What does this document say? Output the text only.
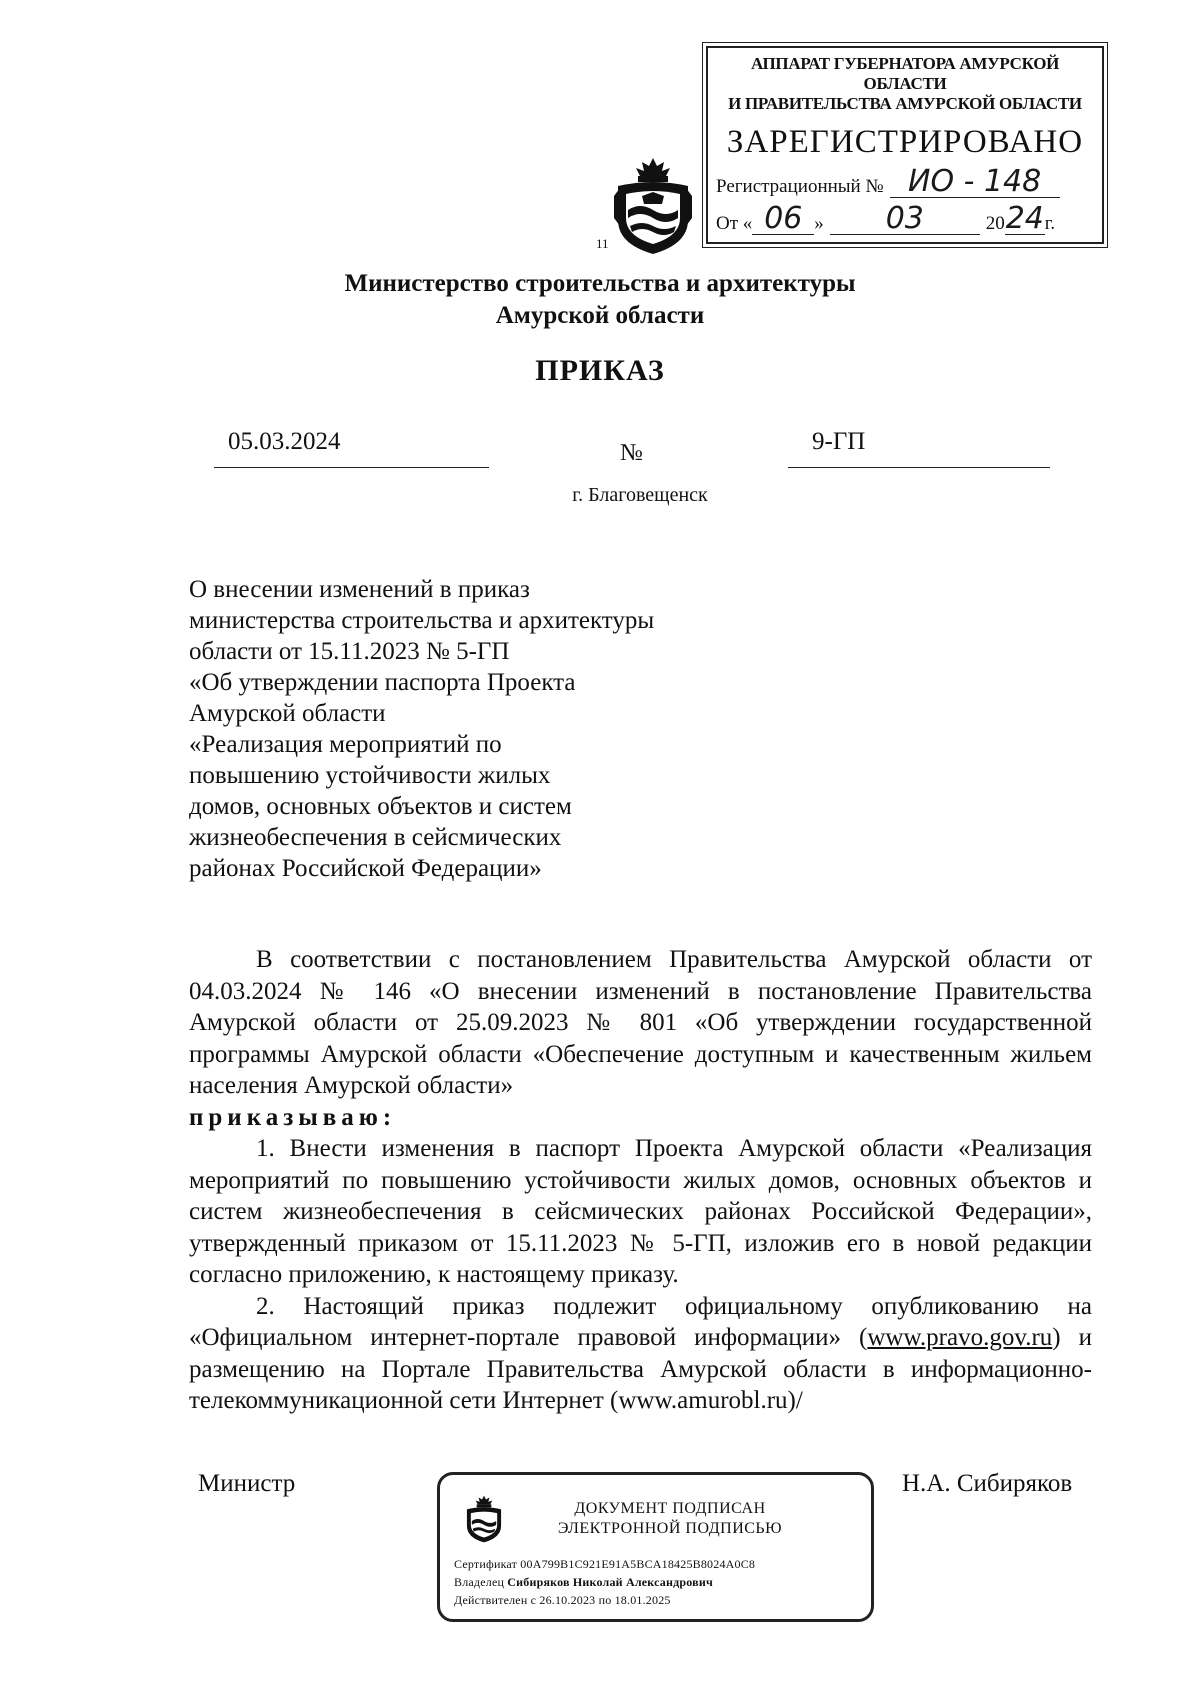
АППАРАТ ГУБЕРНАТОРА АМУРСКОЙ ОБЛАСТИ
И ПРАВИТЕЛЬСТВА АМУРСКОЙ ОБЛАСТИ
ЗАРЕГИСТРИРОВАНО
Регистрационный № ИО - 148
От « 06 »	03	20 24 г.
11
Министерство строительства и архитектуры
Амурской области
ПРИКАЗ
05.03.2024	№	9-ГП
г. Благовещенск
О внесении изменений в приказ
министерства строительства и архитектуры
области от 15.11.2023 № 5-ГП
«Об утверждении паспорта Проекта
Амурской области
«Реализация мероприятий по
повышению устойчивости жилых
домов, основных объектов и систем
жизнеобеспечения в сейсмических
районах Российской Федерации»

В соответствии с постановлением Правительства Амурской области от 04.03.2024 № 146 «О внесении изменений в постановление Правительства Амурской области от 25.09.2023 № 801 «Об утверждении государственной программы Амурской области «Обеспечение доступным и качественным жильем населения Амурской области»

приказываю:

1. Внести изменения в паспорт Проекта Амурской области «Реализация мероприятий по повышению устойчивости жилых домов, основных объектов и систем жизнеобеспечения в сейсмических районах Российской Федерации», утвержденный приказом от 15.11.2023 № 5-ГП, изложив его в новой редакции согласно приложению, к настоящему приказу.

2. Настоящий приказ подлежит официальному опубликованию на «Официальном интернет-портале правовой информации» (www.pravo.gov.ru) и размещению на Портале Правительства Амурской области в информационно-телекоммуникационной сети Интернет (www.amurobl.ru)/

Министр	Н.А. Сибиряков
ДОКУМЕНТ ПОДПИСАН
ЭЛЕКТРОННОЙ ПОДПИСЬЮ
Сертификат 00A799B1C921E91A5BCA18425B8024A0C8
Владелец Сибиряков Николай Александрович
Действителен с 26.10.2023 по 18.01.2025
